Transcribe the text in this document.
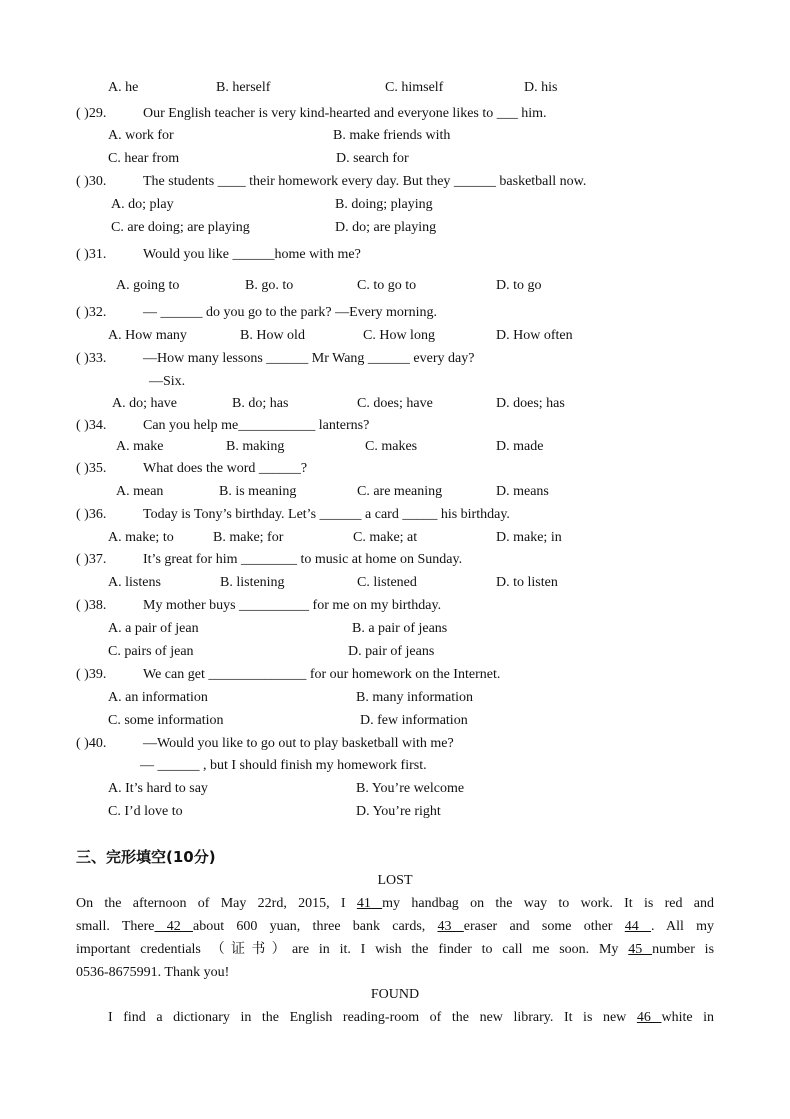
A. he	B. herself	C. himself	D. his
( )29.	Our English teacher is very kind-hearted and everyone likes to ___ him.
A. work for	B. make friends with
C. hear from	D. search for
( )30.	The students ____ their homework every day. But they ______ basketball now.
A. do; play	B. doing; playing
C. are doing; are playing	D. do; are playing
( )31.	Would you like ______home with me?
A. going to	B. go. to	C. to go to	D. to go
( )32.	— ______ do you go to the park? —Every morning.
A. How many	B. How old	C. How long	D. How often
( )33.	—How many lessons ______ Mr Wang ______ every day?
—Six.
A. do; have	B. do; has	C. does; have	D. does; has
( )34.	Can you help me___________ lanterns?
A. make	B. making	C. makes	D. made
( )35.	What does the word ______?
A. mean	B. is meaning	C. are meaning	D. means
( )36.	Today is Tony’s birthday. Let’s ______ a card _____ his birthday.
A. make; to	B. make; for	C. make; at	D. make; in
( )37.	It’s great for him ________ to music at home on Sunday.
A. listens	B. listening	C. listened	D. to listen
( )38.	My mother buys __________ for me on my birthday.
A. a pair of jean	B. a pair of jeans
C. pairs of jean	D. pair of jeans
( )39.	We can get ______________ for our homework on the Internet.
A. an information	B. many information
C. some information	D. few information
( )40.	—Would you like to go out to play basketball with me?
— ______ , but I should finish my homework first.
A. It’s hard to say	B. You’re welcome
C. I’d love to	D. You’re right
三、完形填空(10分)
LOST
On the afternoon of May 22rd, 2015, I 41 my handbag on the way to work. It is red and
small. There 42 about 600 yuan, three bank cards, 43 eraser and some other 44 . All my
important credentials （证书）are in it. I wish the finder to call me soon. My 45 number is
0536-8675991. Thank you!
FOUND
I find a dictionary in the English reading-room of the new library. It is new 46 white in
